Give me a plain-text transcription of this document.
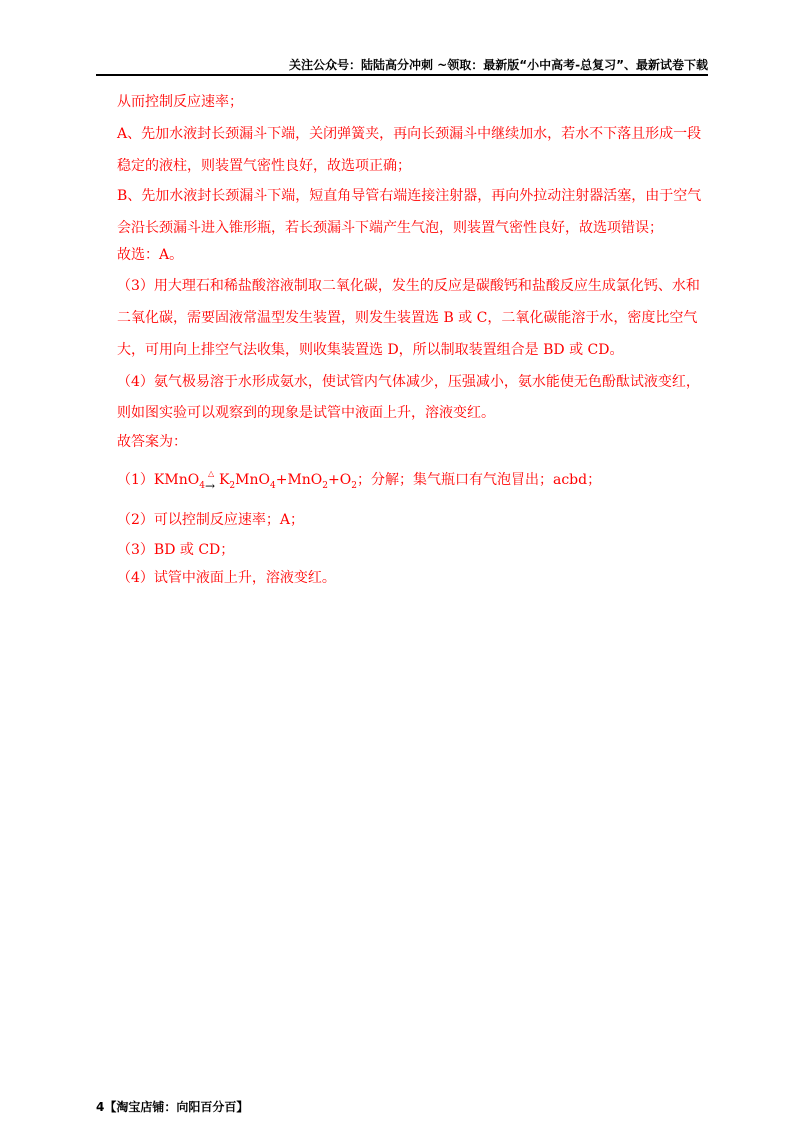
关注公众号：陆陆高分冲刺 ~领取：最新版“小中高考-总复习”、最新试卷下载
从而控制反应速率；
A、先加水液封长颈漏斗下端，关闭弹簧夹，再向长颈漏斗中继续加水，若水不下落且形成一段
稳定的液柱，则装置气密性良好，故选项正确；
B、先加水液封长颈漏斗下端，短直角导管右端连接注射器，再向外拉动注射器活塞，由于空气
会沿长颈漏斗进入锥形瓶，若长颈漏斗下端产生气泡，则装置气密性良好，故选项错误；
故选：A。
（3）用大理石和稀盐酸溶液制取二氧化碳，发生的反应是碳酸钙和盐酸反应生成氯化钙、水和
二氧化碳，需要固液常温型发生装置，则发生装置选 B 或 C，二氧化碳能溶于水，密度比空气
大，可用向上排空气法收集，则收集装置选 D，所以制取装置组合是 BD 或 CD。
（4）氨气极易溶于水形成氨水，使试管内气体减少，压强减小，氨水能使无色酚酞试液变红，
则如图实验可以观察到的现象是试管中液面上升，溶液变红。
故答案为：
（1）KMnO$_4$
△
→ $K_2MnO_4+MnO_2+O_2$；分解；集气瓶口有气泡冒出；acbd；
（2）可以控制反应速率；A；
（3）BD 或 CD；
（4）试管中液面上升，溶液变红。
4【淘宝店铺：向阳百分百】
